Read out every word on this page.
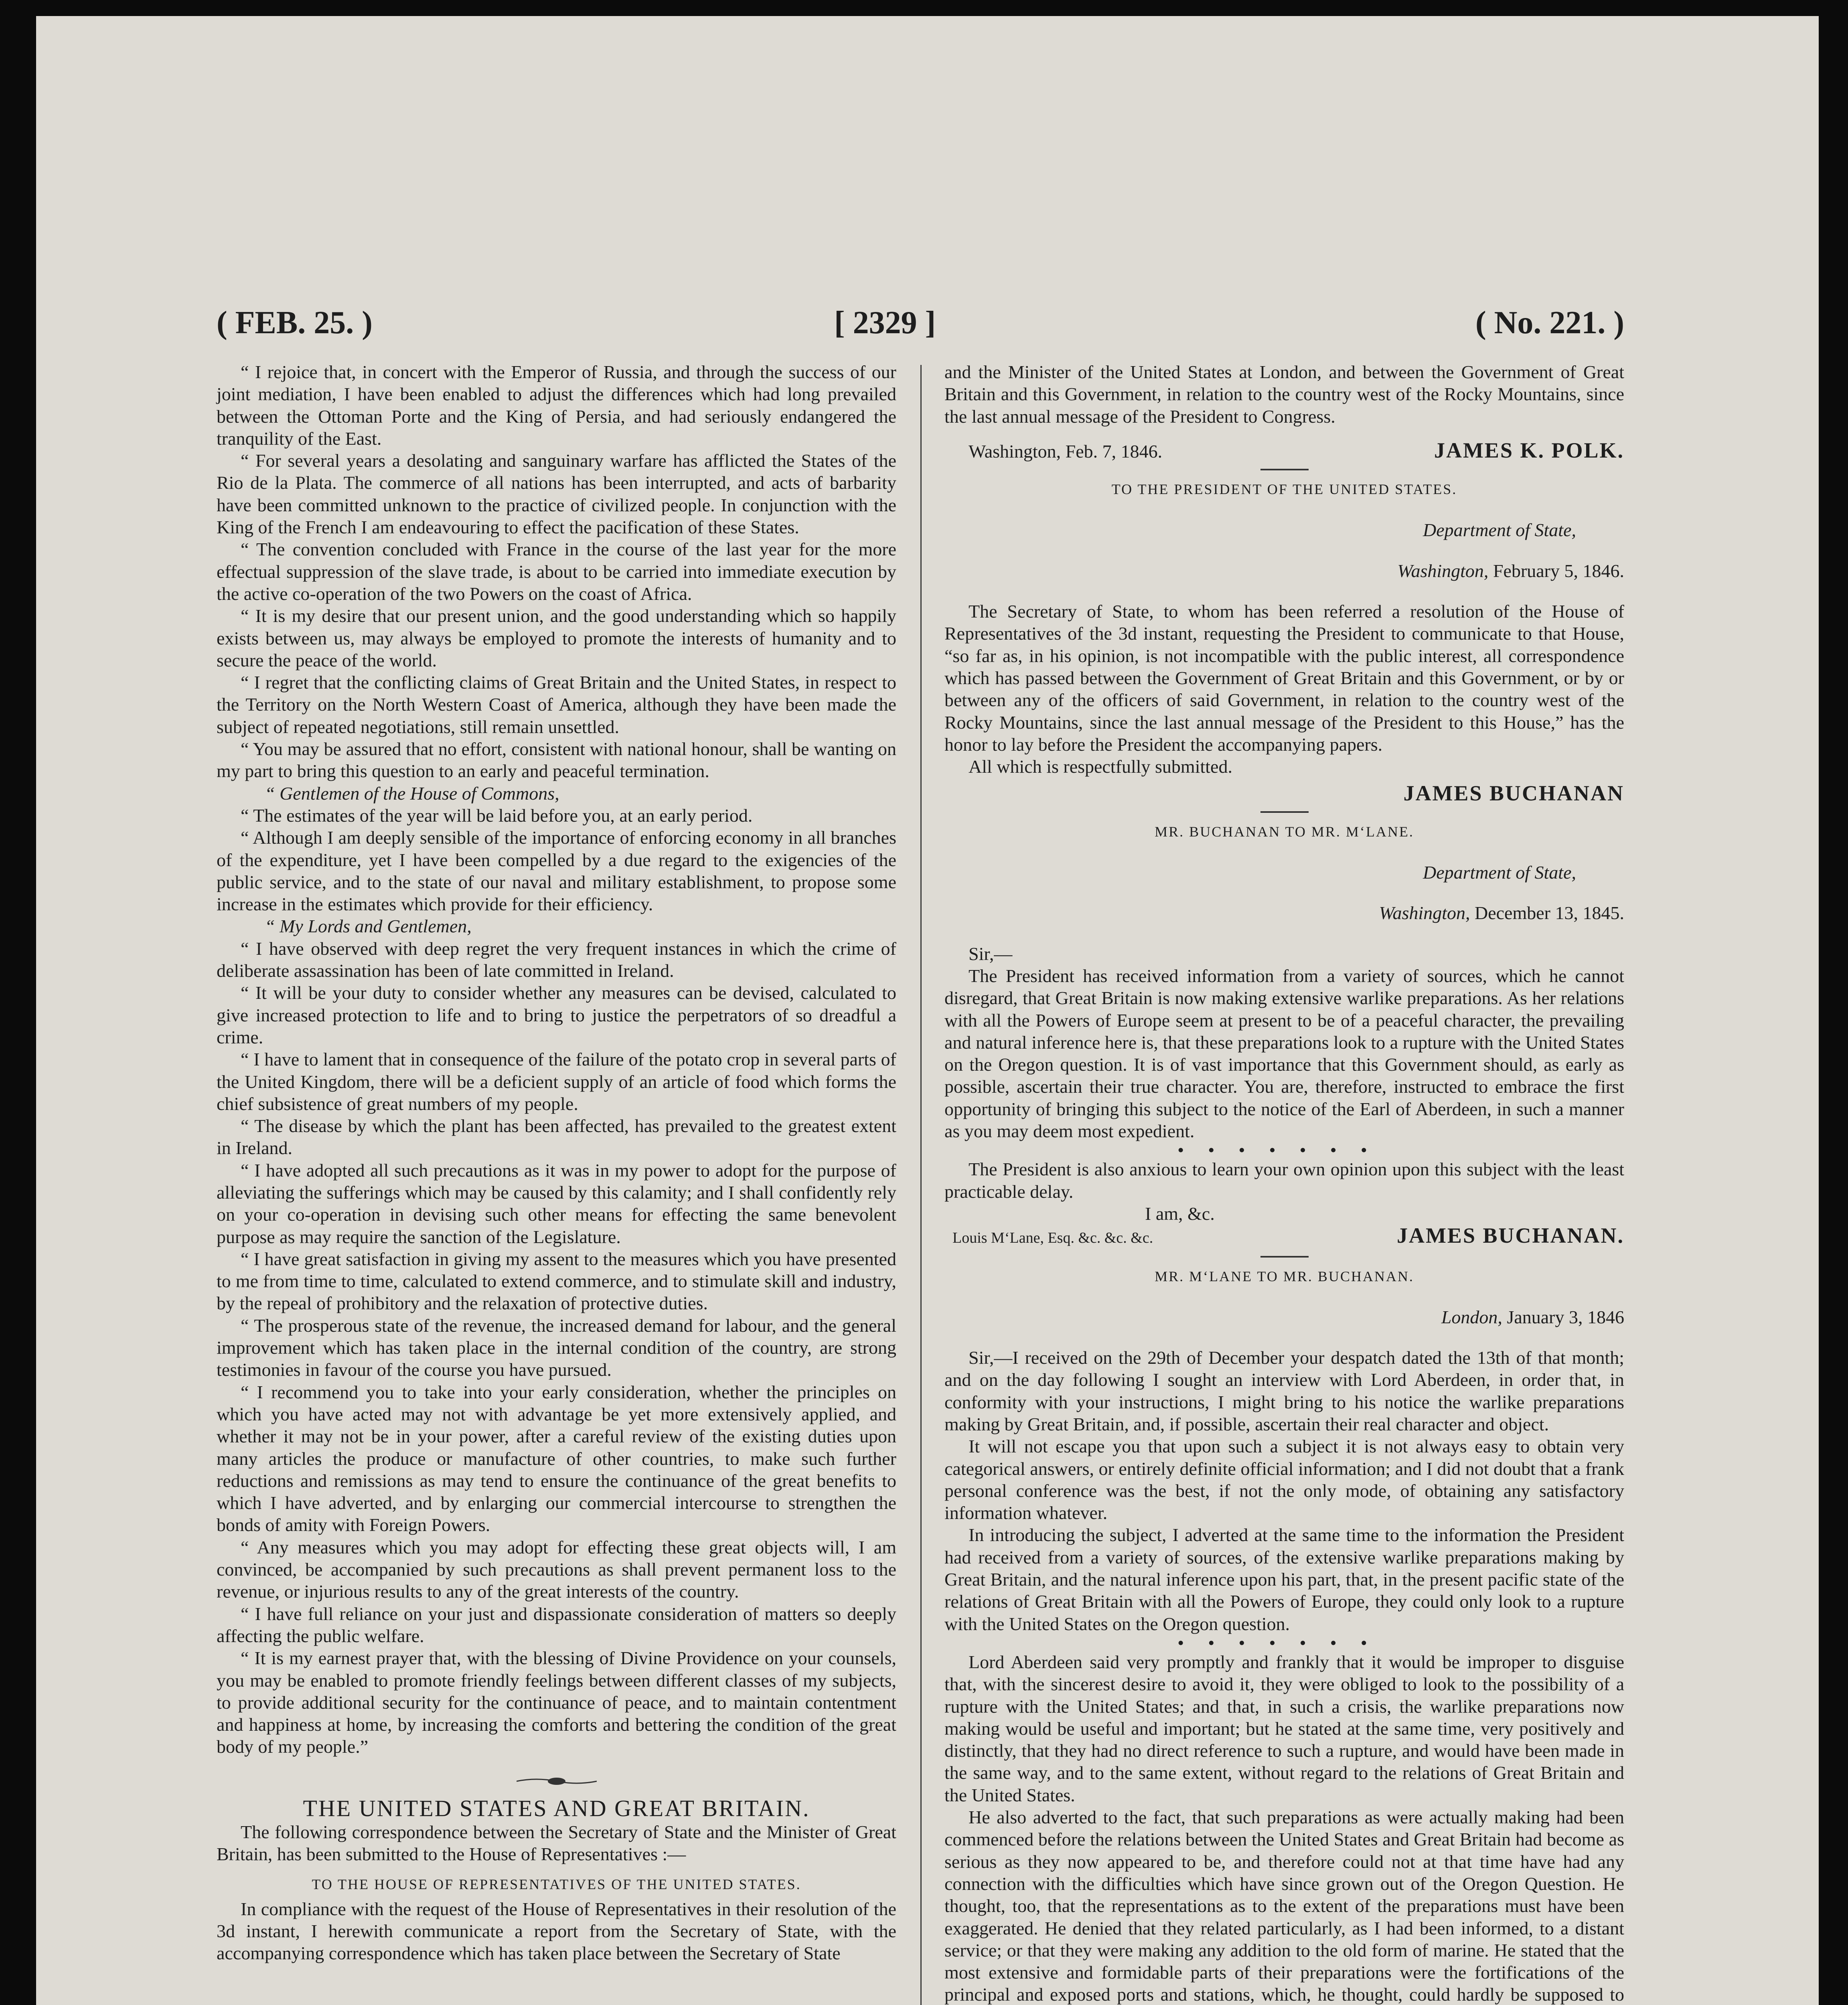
( FEB. 25. )	[ 2329 ]	( No. 221. )

“ I rejoice that, in concert with the Emperor of Russia, and through the success of our joint mediation, I have been enabled to adjust the differences which had long prevailed between the Ottoman Porte and the King of Persia, and had seriously endangered the tranquility of the East.

“ For several years a desolating and sanguinary warfare has afflicted the States of the Rio de la Plata. The commerce of all nations has been interrupted, and acts of barbarity have been committed unknown to the practice of civilized people. In conjunction with the King of the French I am endeavouring to effect the pacification of these States.

“ The convention concluded with France in the course of the last year for the more effectual suppression of the slave trade, is about to be carried into immediate execution by the active co-operation of the two Powers on the coast of Africa.

“ It is my desire that our present union, and the good understanding which so happily exists between us, may always be employed to promote the interests of humanity and to secure the peace of the world.

“ I regret that the conflicting claims of Great Britain and the United States, in respect to the Territory on the North Western Coast of America, although they have been made the subject of repeated negotiations, still remain unsettled.

“ You may be assured that no effort, consistent with national honour, shall be wanting on my part to bring this question to an early and peaceful termination.

“ Gentlemen of the House of Commons,

“ The estimates of the year will be laid before you, at an early period.

“ Although I am deeply sensible of the importance of enforcing economy in all branches of the expenditure, yet I have been compelled by a due regard to the exigencies of the public service, and to the state of our naval and military establishment, to propose some increase in the estimates which provide for their efficiency.

“ My Lords and Gentlemen,

“ I have observed with deep regret the very frequent instances in which the crime of deliberate assassination has been of late committed in Ireland.

“ It will be your duty to consider whether any measures can be devised, calculated to give increased protection to life and to bring to justice the perpetrators of so dreadful a crime.

“ I have to lament that in consequence of the failure of the potato crop in several parts of the United Kingdom, there will be a deficient supply of an article of food which forms the chief subsistence of great numbers of my people.

“ The disease by which the plant has been affected, has prevailed to the greatest extent in Ireland.

“ I have adopted all such precautions as it was in my power to adopt for the purpose of alleviating the sufferings which may be caused by this calamity; and I shall confidently rely on your co-operation in devising such other means for effecting the same benevolent purpose as may require the sanction of the Legislature.

“ I have great satisfaction in giving my assent to the measures which you have presented to me from time to time, calculated to extend commerce, and to stimulate skill and industry, by the repeal of prohibitory and the relaxation of protective duties.

“ The prosperous state of the revenue, the increased demand for labour, and the general improvement which has taken place in the internal condition of the country, are strong testimonies in favour of the course you have pursued.

“ I recommend you to take into your early consideration, whether the principles on which you have acted may not with advantage be yet more extensively applied, and whether it may not be in your power, after a careful review of the existing duties upon many articles the produce or manufacture of other countries, to make such further reductions and remissions as may tend to ensure the continuance of the great benefits to which I have adverted, and by enlarging our commercial intercourse to strengthen the bonds of amity with Foreign Powers.

“ Any measures which you may adopt for effecting these great objects will, I am convinced, be accompanied by such precautions as shall prevent permanent loss to the revenue, or injurious results to any of the great interests of the country.

“ I have full reliance on your just and dispassionate consideration of matters so deeply affecting the public welfare.

“ It is my earnest prayer that, with the blessing of Divine Providence on your counsels, you may be enabled to promote friendly feelings between different classes of my subjects, to provide additional security for the continuance of peace, and to maintain contentment and happiness at home, by increasing the comforts and bettering the condition of the great body of my people.”

THE UNITED STATES AND GREAT BRITAIN.

The following correspondence between the Secretary of State and the Minister of Great Britain, has been submitted to the House of Representatives :—

TO THE HOUSE OF REPRESENTATIVES OF THE UNITED STATES.

In compliance with the request of the House of Representatives in their resolution of the 3d instant, I herewith communicate a report from the Secretary of State, with the accompanying correspondence which has taken place between the Secretary of State

and the Minister of the United States at London, and between the Government of Great Britain and this Government, in relation to the country west of the Rocky Mountains, since the last annual message of the President to Congress.

Washington, Feb. 7, 1846.	JAMES K. POLK.

TO THE PRESIDENT OF THE UNITED STATES.

Department of State,

Washington, February 5, 1846.

The Secretary of State, to whom has been referred a resolution of the House of Representatives of the 3d instant, requesting the President to communicate to that House, “so far as, in his opinion, is not incompatible with the public interest, all correspondence which has passed between the Government of Great Britain and this Government, or by or between any of the officers of said Government, in relation to the country west of the Rocky Mountains, since the last annual message of the President to this House,” has the honor to lay before the President the accompanying papers.

All which is respectfully submitted.

JAMES BUCHANAN

MR. BUCHANAN TO MR. M‘LANE.

Department of State,

Washington, December 13, 1845.

Sir,—

The President has received information from a variety of sources, which he cannot disregard, that Great Britain is now making extensive warlike preparations. As her relations with all the Powers of Europe seem at present to be of a peaceful character, the prevailing and natural inference here is, that these preparations look to a rupture with the United States on the Oregon question. It is of vast importance that this Government should, as early as possible, ascertain their true character. You are, therefore, instructed to embrace the first opportunity of bringing this subject to the notice of the Earl of Aberdeen, in such a manner as you may deem most expedient.

•••••••

The President is also anxious to learn your own opinion upon this subject with the least practicable delay.

I am, &c.

Louis M‘Lane, Esq. &c. &c. &c.	JAMES BUCHANAN.

MR. M‘LANE TO MR. BUCHANAN.

London, January 3, 1846

Sir,—I received on the 29th of December your despatch dated the 13th of that month; and on the day following I sought an interview with Lord Aberdeen, in order that, in conformity with your instructions, I might bring to his notice the warlike preparations making by Great Britain, and, if possible, ascertain their real character and object.

It will not escape you that upon such a subject it is not always easy to obtain very categorical answers, or entirely definite official information; and I did not doubt that a frank personal conference was the best, if not the only mode, of obtaining any satisfactory information whatever.

In introducing the subject, I adverted at the same time to the information the President had received from a variety of sources, of the extensive warlike preparations making by Great Britain, and the natural inference upon his part, that, in the present pacific state of the relations of Great Britain with all the Powers of Europe, they could only look to a rupture with the United States on the Oregon question.

•••••••

Lord Aberdeen said very promptly and frankly that it would be improper to disguise that, with the sincerest desire to avoid it, they were obliged to look to the possibility of a rupture with the United States; and that, in such a crisis, the warlike preparations now making would be useful and important; but he stated at the same time, very positively and distinctly, that they had no direct reference to such a rupture, and would have been made in the same way, and to the same extent, without regard to the relations of Great Britain and the United States.

He also adverted to the fact, that such preparations as were actually making had been commenced before the relations between the United States and Great Britain had become as serious as they now appeared to be, and therefore could not at that time have had any connection with the difficulties which have since grown out of the Oregon Question. He thought, too, that the representations as to the extent of the preparations must have been exaggerated. He denied that they related particularly, as I had been informed, to a distant service; or that they were making any addition to the old form of marine. He stated that the most extensive and formidable parts of their preparations were the fortifications of the principal and exposed ports and stations, which, he thought, could hardly be supposed to
